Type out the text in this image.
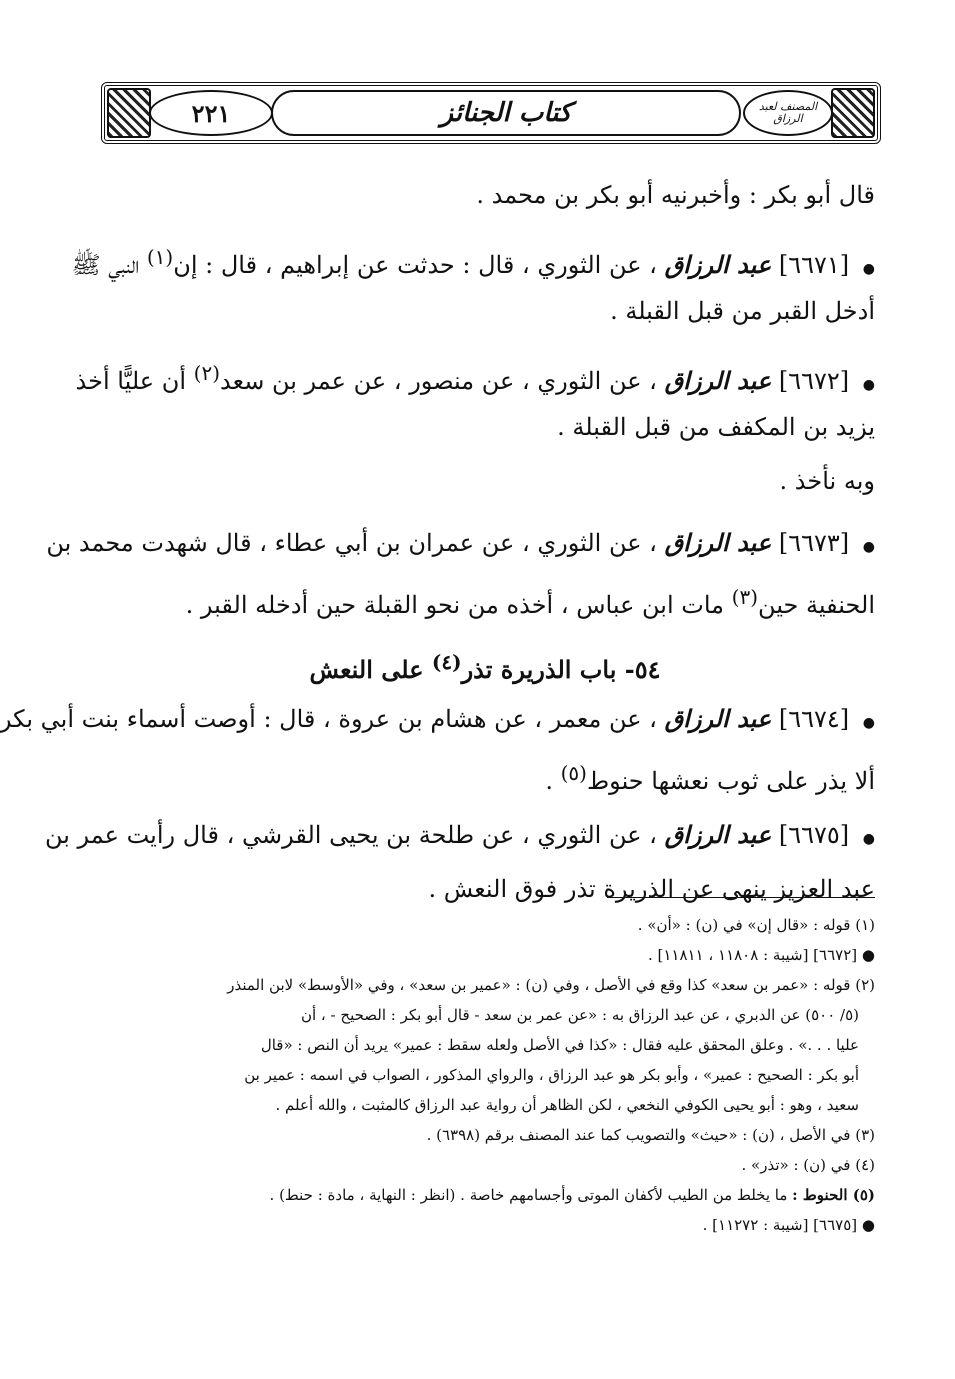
٢٢١	كتاب الجنائز	المصنف لعبد الرزاق
قال أبو بكر : وأخبرنيه أبو بكر بن محمد .
● [٦٦٧١] عبد الرزاق ، عن الثوري ، قال : حدثت عن إبراهيم ، قال : إن$^{(١)}$ النبي ﷺ
أدخل القبر من قبل القبلة .
● [٦٦٧٢] عبد الرزاق ، عن الثوري ، عن منصور ، عن عمر بن سعد$^{(٢)}$ أن عليًّا أخذ
يزيد بن المكفف من قبل القبلة .
وبه نأخذ .
● [٦٦٧٣] عبد الرزاق ، عن الثوري ، عن عمران بن أبي عطاء ، قال شهدت محمد بن
الحنفية حين$^{(٣)}$ مات ابن عباس ، أخذه من نحو القبلة حين أدخله القبر .
٥٤- باب الذريرة تذر$^{(٤)}$ على النعش
● [٦٦٧٤] عبد الرزاق ، عن معمر ، عن هشام بن عروة ، قال : أوصت أسماء بنت أبي بكر
ألا يذر على ثوب نعشها حنوط$^{(٥)}$ .
● [٦٦٧٥] عبد الرزاق ، عن الثوري ، عن طلحة بن يحيى القرشي ، قال رأيت عمر بن
عبد العزيز ينهى عن الذريرة تذر فوق النعش .
(١) قوله : «قال إن» في (ن) : «أن» .
● [٦٦٧٢] [شيبة : ١١٨٠٨ ، ١١٨١١] .
(٢) قوله : «عمر بن سعد» كذا وقع في الأصل ، وفي (ن) : «عمير بن سعد» ، وفي «الأوسط» لابن المنذر
(٥/ ٥٠٠) عن الدبري ، عن عبد الرزاق به : «عن عمر بن سعد - قال أبو بكر : الصحيح - ، أن
عليا . . .» . وعلق المحقق عليه فقال : «كذا في الأصل ولعله سقط : عمير» يريد أن النص : «قال
أبو بكر : الصحيح : عمير» ، وأبو بكر هو عبد الرزاق ، والرواي المذكور ، الصواب في اسمه : عمير بن
سعيد ، وهو : أبو يحيى الكوفي النخعي ، لكن الظاهر أن رواية عبد الرزاق كالمثبت ، والله أعلم .
(٣) في الأصل ، (ن) : «حيث» والتصويب كما عند المصنف برقم (٦٣٩٨) .
(٤) في (ن) : «تذر» .
(٥) الحنوط : ما يخلط من الطيب لأكفان الموتى وأجسامهم خاصة . (انظر : النهاية ، مادة : حنط) .
● [٦٦٧٥] [شيبة : ١١٢٧٢] .
